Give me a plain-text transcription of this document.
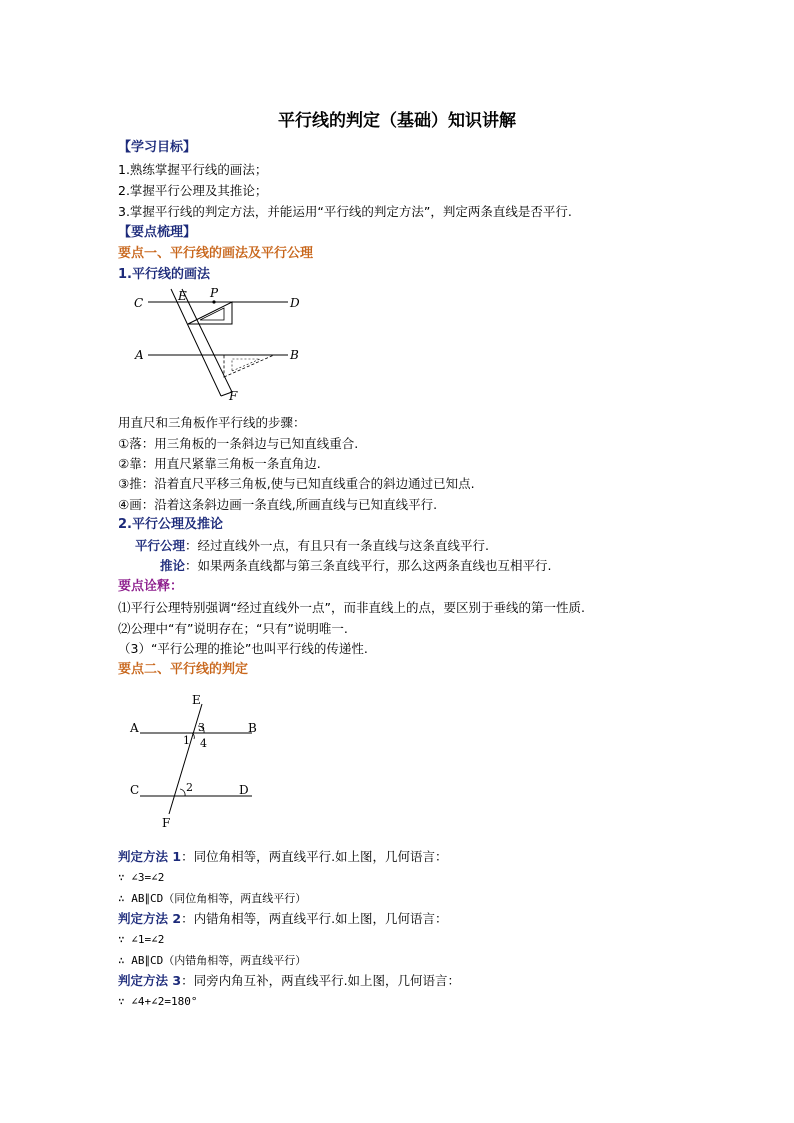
平行线的判定（基础）知识讲解
【学习目标】
1.熟练掌握平行线的画法；
2.掌握平行公理及其推论；
3.掌握平行线的判定方法，并能运用“平行线的判定方法”，判定两条直线是否平行.
【要点梳理】
要点一、平行线的画法及平行公理
1.平行线的画法
C	E P
D
A	B
F
用直尺和三角板作平行线的步骤：
①落：用三角板的一条斜边与已知直线重合.
②靠：用直尺紧靠三角板一条直角边.
③推：沿着直尺平移三角板,使与已知直线重合的斜边通过已知点.
④画：沿着这条斜边画一条直线,所画直线与已知直线平行.
2.平行公理及推论
平行公理：经过直线外一点，有且只有一条直线与这条直线平行.
推论：如果两条直线都与第三条直线平行，那么这两条直线也互相平行.
要点诠释：
⑴平行公理特别强调“经过直线外一点”，而非直线上的点，要区别于垂线的第一性质.
⑵公理中“有”说明存在；“只有”说明唯一.
（3）“平行公理的推论”也叫平行线的传递性.
要点二、平行线的判定
E
A	B
1
3
4
C	D
2
F
判定方法 1：同位角相等，两直线平行.如上图，几何语言：
∵ ∠3=∠2
∴ AB∥CD（同位角相等，两直线平行）
判定方法 2：内错角相等，两直线平行.如上图，几何语言：
∵ ∠1=∠2
∴ AB∥CD（内错角相等，两直线平行）
判定方法 3：同旁内角互补，两直线平行.如上图，几何语言：
∵ ∠4+∠2=180°
